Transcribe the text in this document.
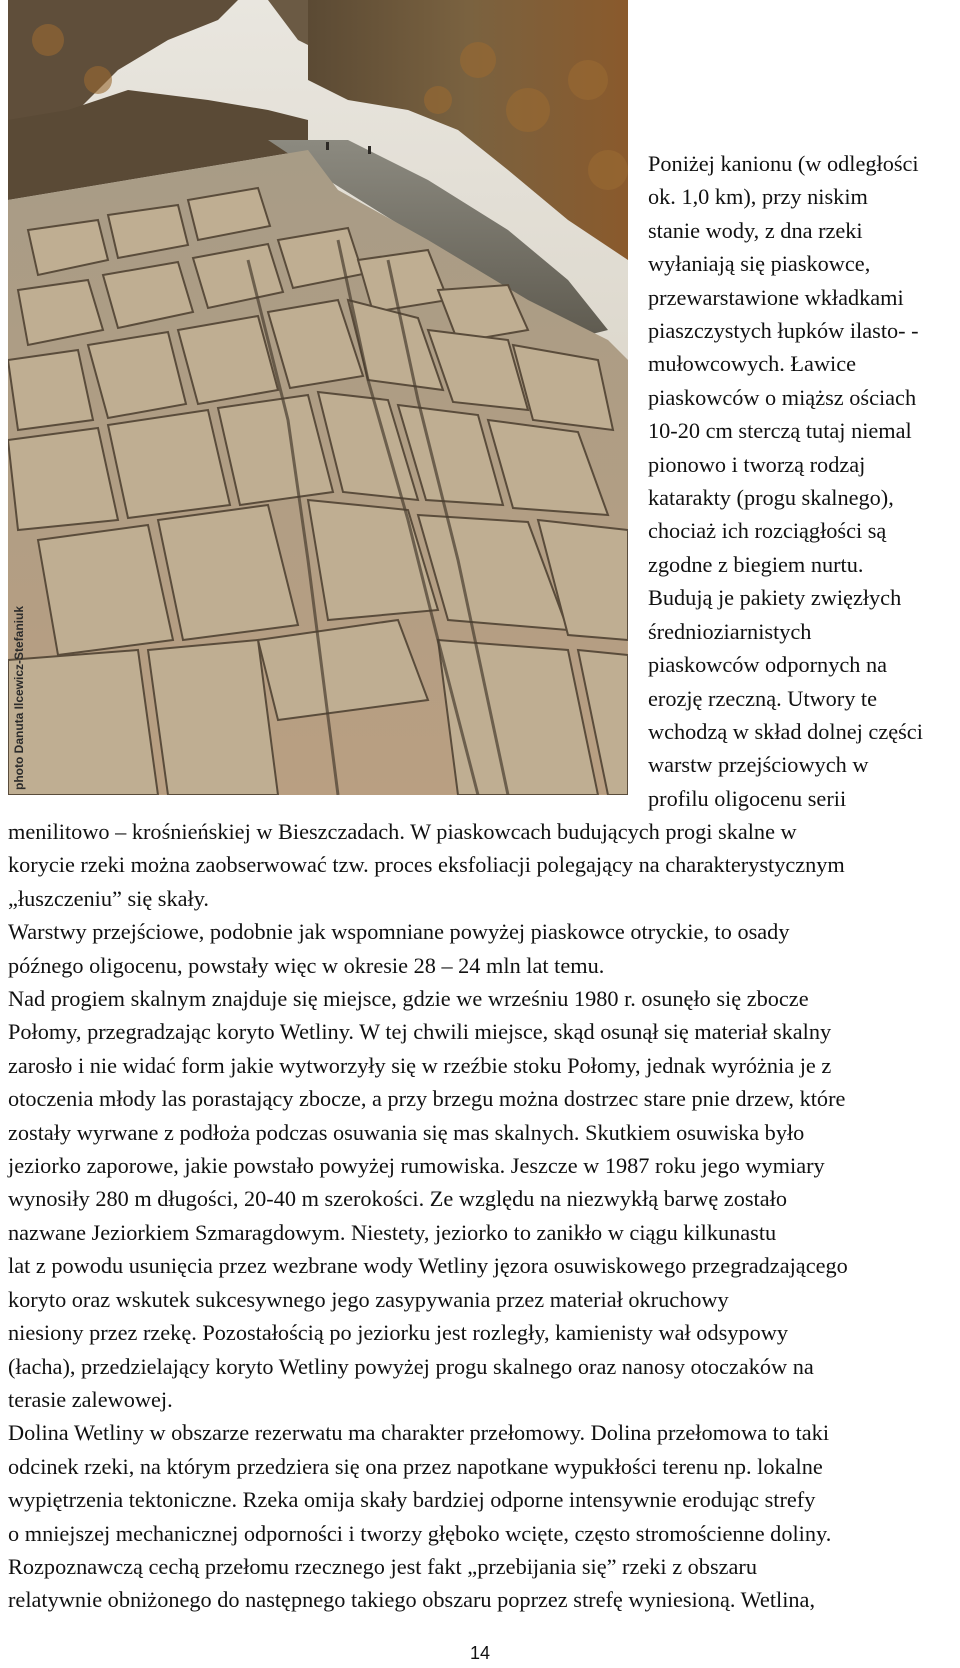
photo Danuta Ilcewicz-Stefaniuk

Poniżej kanionu (w odległości
ok. 1,0 km), przy niskim
stanie wody, z dna rzeki
wyłaniają się piaskowce,
przewarstawione wkładkami
piaszczystych łupków ilasto- -
mułowcowych. Ławice
piaskowców o miąższ ościach
10-20 cm sterczą tutaj niemal
pionowo i tworzą rodzaj
katarakty (progu skalnego),
chociaż ich rozciągłości są
zgodne z biegiem nurtu.
Budują je pakiety zwięzłych
średnioziarnistych
piaskowców odpornych na
erozję rzeczną. Utwory te
wchodzą w skład dolnej części
warstw przejściowych w
profilu oligocenu serii

menilitowo – krośnieńskiej w Bieszczadach. W piaskowcach budujących progi skalne w
korycie rzeki można zaobserwować tzw. proces eksfoliacji polegający na charakterystycznym
„łuszczeniu” się skały.
Warstwy przejściowe, podobnie jak wspomniane powyżej piaskowce otryckie, to osady
późnego oligocenu, powstały więc w okresie 28 – 24 mln lat temu.
Nad progiem skalnym znajduje się miejsce, gdzie we wrześniu 1980 r. osunęło się zbocze
Połomy, przegradzając koryto Wetliny. W tej chwili miejsce, skąd osunął się materiał skalny
zarosło i nie widać form jakie wytworzyły się w rzeźbie stoku Połomy, jednak wyróżnia je z
otoczenia młody las porastający zbocze, a przy brzegu można dostrzec stare pnie drzew, które
zostały wyrwane z podłoża podczas osuwania się mas skalnych. Skutkiem osuwiska było
jeziorko zaporowe, jakie powstało powyżej rumowiska. Jeszcze w 1987 roku jego wymiary
wynosiły 280 m długości, 20-40 m szerokości. Ze względu na niezwykłą barwę zostało
nazwane Jeziorkiem Szmaragdowym. Niestety, jeziorko to zanikło w ciągu kilkunastu
lat z powodu usunięcia przez wezbrane wody Wetliny jęzora osuwiskowego przegradzającego
koryto oraz wskutek sukcesywnego jego zasypywania przez materiał okruchowy
niesiony przez rzekę. Pozostałością po jeziorku jest rozległy, kamienisty wał odsypowy
(łacha), przedzielający koryto Wetliny powyżej progu skalnego oraz nanosy otoczaków na
terasie zalewowej.
Dolina Wetliny w obszarze rezerwatu ma charakter przełomowy. Dolina przełomowa to taki
odcinek rzeki, na którym przedziera się ona przez napotkane wypukłości terenu np. lokalne
wypiętrzenia tektoniczne. Rzeka omija skały bardziej odporne intensywnie erodując strefy
o mniejszej mechanicznej odporności i tworzy głęboko wcięte, często stromościenne doliny.
Rozpoznawczą cechą przełomu rzecznego jest fakt „przebijania się” rzeki z obszaru
relatywnie obniżonego do następnego takiego obszaru poprzez strefę wyniesioną. Wetlina,

14
